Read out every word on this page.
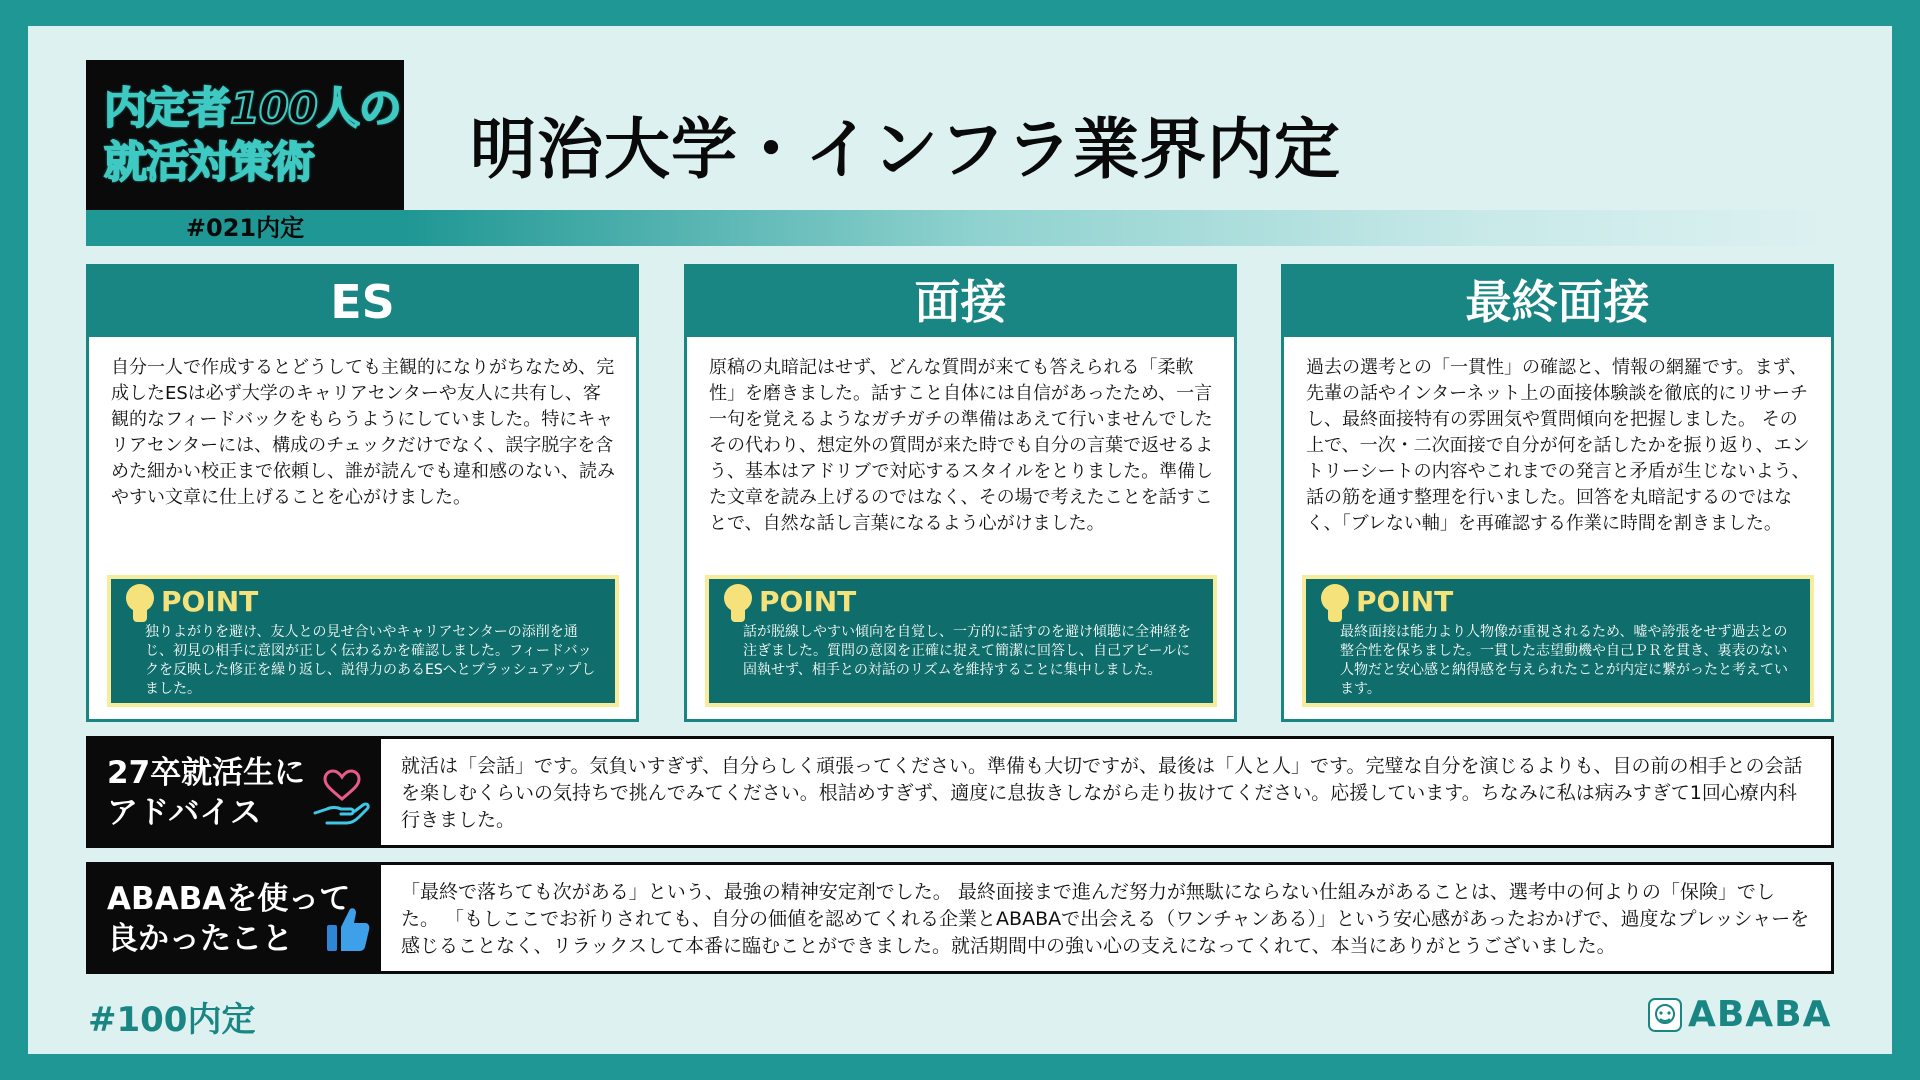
内定者100人の
就活対策術
#021内定
明治大学・インフラ業界内定
ES
自分一人で作成するとどうしても主観的になりがちなため、完成したESは必ず大学のキャリアセンターや友人に共有し、客観的なフィードバックをもらうようにしていました。特にキャリアセンターには、構成のチェックだけでなく、誤字脱字を含めた細かい校正まで依頼し、誰が読んでも違和感のない、読みやすい文章に仕上げることを心がけました。
POINT
独りよがりを避け、友人との見せ合いやキャリアセンターの添削を通じ、初見の相手に意図が正しく伝わるかを確認しました。フィードバックを反映した修正を繰り返し、説得力のあるESへとブラッシュアップしました。
面接
原稿の丸暗記はせず、どんな質問が来ても答えられる「柔軟性」を磨きました。話すこと自体には自信があったため、一言一句を覚えるようなガチガチの準備はあえて行いませんでしたその代わり、想定外の質問が来た時でも自分の言葉で返せるよう、基本はアドリブで対応するスタイルをとりました。準備した文章を読み上げるのではなく、その場で考えたことを話すことで、自然な話し言葉になるよう心がけました。
POINT
話が脱線しやすい傾向を自覚し、一方的に話すのを避け傾聴に全神経を注ぎました。質問の意図を正確に捉えて簡潔に回答し、自己アピールに固執せず、相手との対話のリズムを維持することに集中しました。
最終面接
過去の選考との「一貫性」の確認と、情報の網羅です。まず、先輩の話やインターネット上の面接体験談を徹底的にリサーチし、最終面接特有の雰囲気や質問傾向を把握しました。 その上で、一次・二次面接で自分が何を話したかを振り返り、エントリーシートの内容やこれまでの発言と矛盾が生じないよう、話の筋を通す整理を行いました。回答を丸暗記するのではなく、「ブレない軸」を再確認する作業に時間を割きました。
POINT
最終面接は能力より人物像が重視されるため、嘘や誇張をせず過去との整合性を保ちました。一貫した志望動機や自己ＰＲを貫き、裏表のない人物だと安心感と納得感を与えられたことが内定に繋がったと考えています。
27卒就活生に
アドバイス
就活は「会話」です。気負いすぎず、自分らしく頑張ってください。準備も大切ですが、最後は「人と人」です。完璧な自分を演じるよりも、目の前の相手との会話を楽しむくらいの気持ちで挑んでみてください。根詰めすぎず、適度に息抜きしながら走り抜けてください。応援しています。ちなみに私は病みすぎて1回心療内科行きました。
ABABAを使って
良かったこと
「最終で落ちても次がある」という、最強の精神安定剤でした。 最終面接まで進んだ努力が無駄にならない仕組みがあることは、選考中の何よりの「保険」でした。 「もしここでお祈りされても、自分の価値を認めてくれる企業とABABAで出会える（ワンチャンある）」という安心感があったおかげで、過度なプレッシャーを感じることなく、リラックスして本番に臨むことができました。就活期間中の強い心の支えになってくれて、本当にありがとうございました。
#100内定	ABABA
